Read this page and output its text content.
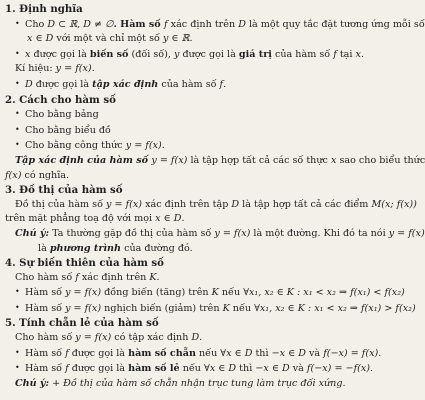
1. Định nghĩa
• Cho D ⊂ ℝ, D ≠ ∅. Hàm số f xác định trên D là một quy tắc đặt tương ứng mỗi số
x ∈ D với một và chỉ một số y ∈ ℝ.
• x được gọi là biến số (đối số), y được gọi là giá trị của hàm số f tại x.
Kí hiệu: y = f(x).
• D được gọi là tập xác định của hàm số f.
2. Cách cho hàm số
• Cho bằng bảng
• Cho bằng biểu đồ
• Cho bằng công thức y = f(x).
Tập xác định của hàm số y = f(x) là tập hợp tất cả các số thực x sao cho biểu thức
f(x) có nghĩa.
3. Đồ thị của hàm số
Đồ thị của hàm số y = f(x) xác định trên tập D là tập hợp tất cả các điểm M(x; f(x))
trên mặt phẳng toạ độ với mọi x ∈ D.
Chú ý: Ta thường gặp đồ thị của hàm số y = f(x) là một đường. Khi đó ta nói y = f(x)
là phương trình của đường đó.
4. Sự biến thiên của hàm số
Cho hàm số f xác định trên K.
• Hàm số y = f(x) đồng biến (tăng) trên K nếu ∀x₁, x₂ ∈ K : x₁ < x₂ ⇒ f(x₁) < f(x₂)
• Hàm số y = f(x) nghịch biến (giảm) trên K nếu ∀x₁, x₂ ∈ K : x₁ < x₂ ⇒ f(x₁) > f(x₂)
5. Tính chẵn lẻ của hàm số
Cho hàm số y = f(x) có tập xác định D.
• Hàm số f được gọi là hàm số chẵn nếu ∀x ∈ D thì −x ∈ D và f(−x) = f(x).
• Hàm số f được gọi là hàm số lẻ nếu ∀x ∈ D thì −x ∈ D và f(−x) = −f(x).
Chú ý: + Đồ thị của hàm số chẵn nhận trục tung làm trục đối xứng.
